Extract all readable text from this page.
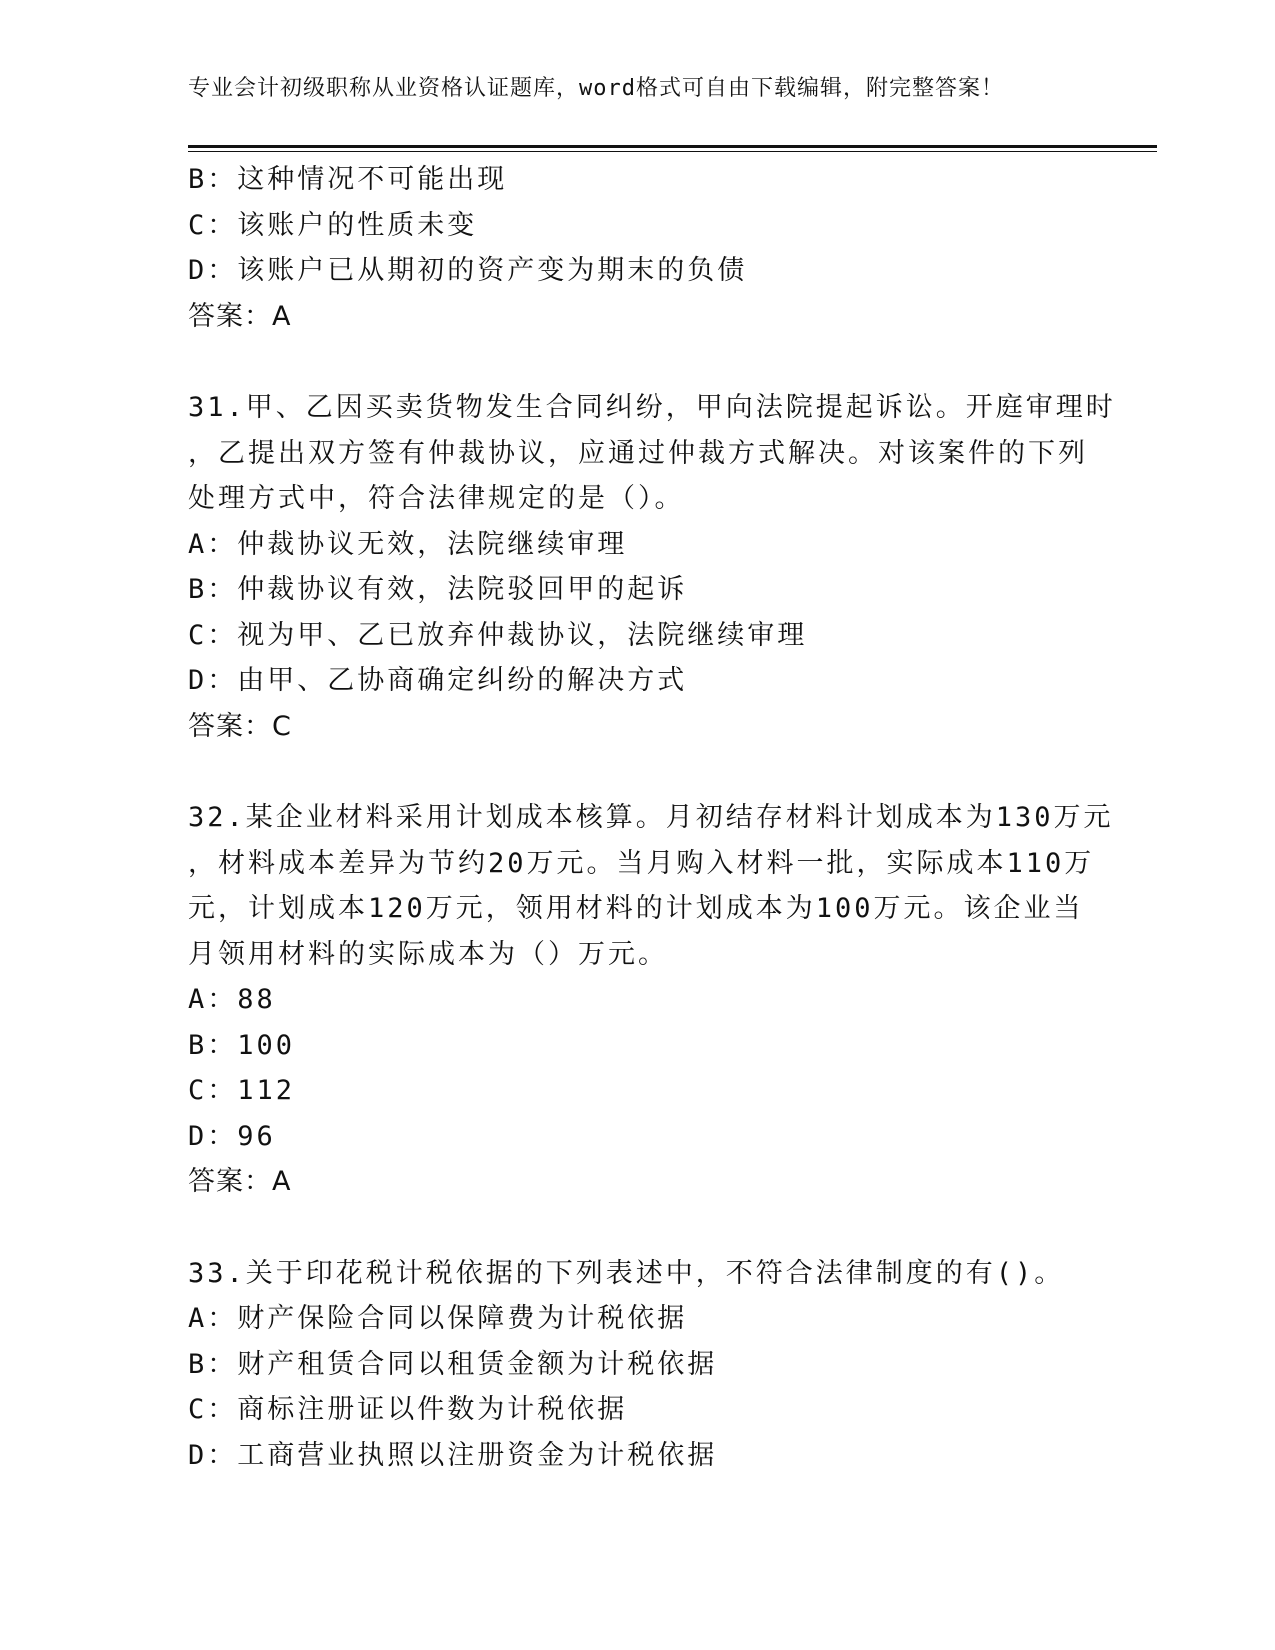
专业会计初级职称从业资格认证题库，word格式可自由下载编辑，附完整答案！
B：这种情况不可能出现
C：该账户的性质未变
D：该账户已从期初的资产变为期末的负债
答案：A
31.甲、乙因买卖货物发生合同纠纷，甲向法院提起诉讼。开庭审理时
，乙提出双方签有仲裁协议，应通过仲裁方式解决。对该案件的下列
处理方式中，符合法律规定的是（）。
A：仲裁协议无效，法院继续审理
B：仲裁协议有效，法院驳回甲的起诉
C：视为甲、乙已放弃仲裁协议，法院继续审理
D：由甲、乙协商确定纠纷的解决方式
答案：C
32.某企业材料采用计划成本核算。月初结存材料计划成本为130万元
，材料成本差异为节约20万元。当月购入材料一批，实际成本110万
元，计划成本120万元，领用材料的计划成本为100万元。该企业当
月领用材料的实际成本为（）万元。
A：88
B：100
C：112
D：96
答案：A
33.关于印花税计税依据的下列表述中，不符合法律制度的有()。
A：财产保险合同以保障费为计税依据
B：财产租赁合同以租赁金额为计税依据
C：商标注册证以件数为计税依据
D：工商营业执照以注册资金为计税依据
